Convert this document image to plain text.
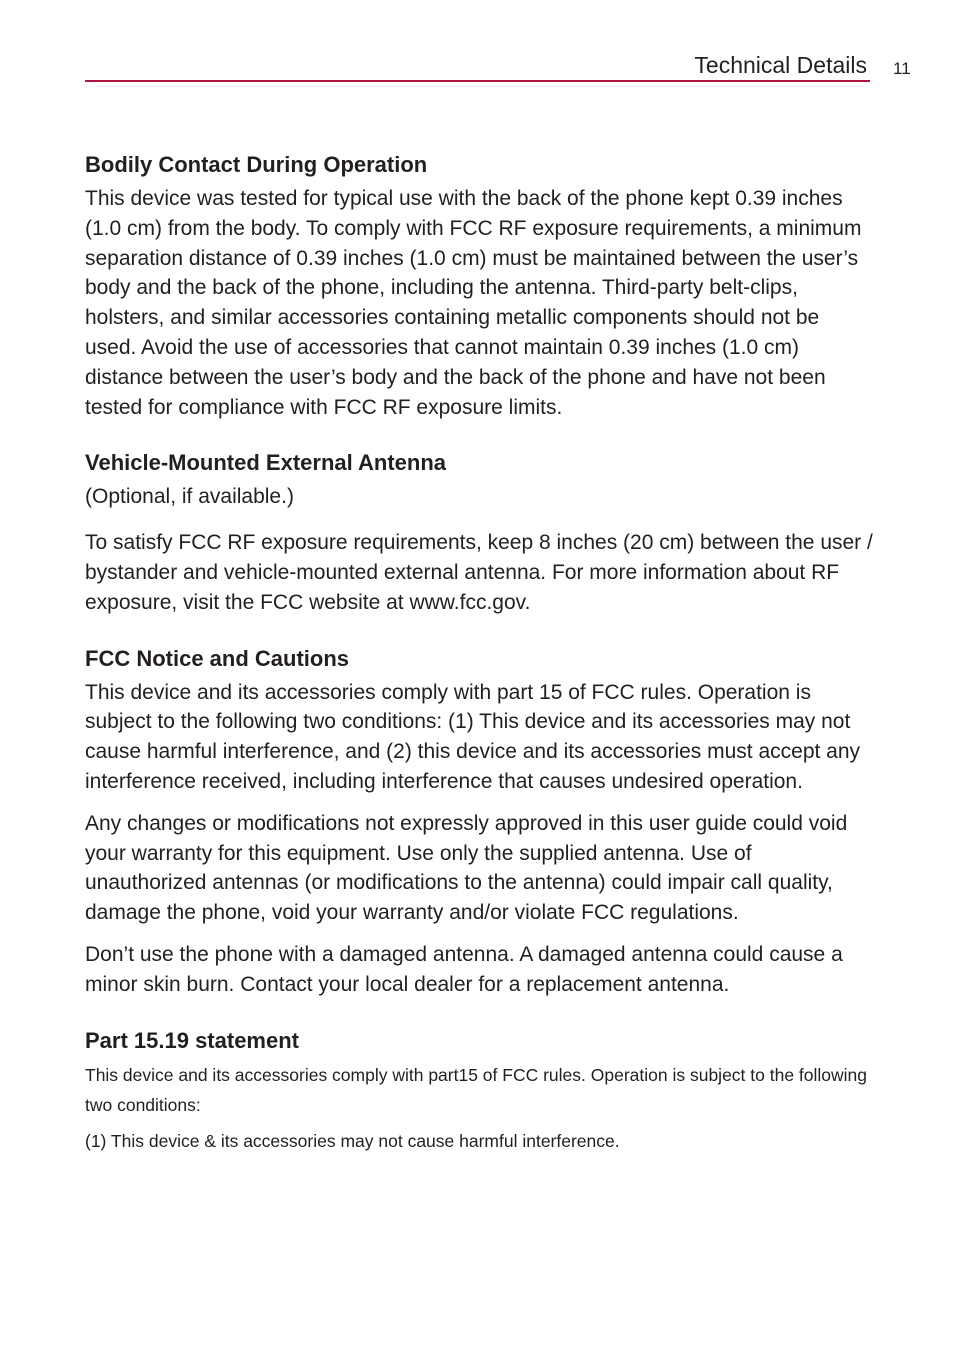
Technical Details 11
Bodily Contact During Operation

This device was tested for typical use with the back of the phone kept 0.39 inches (1.0 cm) from the body. To comply with FCC RF exposure requirements, a minimum separation distance of 0.39 inches (1.0 cm) must be maintained between the user’s body and the back of the phone, including the antenna. Third-party belt-clips, holsters, and similar accessories containing metallic components should not be used. Avoid the use of accessories that cannot maintain 0.39 inches (1.0 cm) distance between the user’s body and the back of the phone and have not been tested for compliance with FCC RF exposure limits.

Vehicle-Mounted External Antenna

(Optional, if available.)

To satisfy FCC RF exposure requirements, keep 8 inches (20 cm) between the user / bystander and vehicle-mounted external antenna. For more information about RF exposure, visit the FCC website at www.fcc.gov.

FCC Notice and Cautions

This device and its accessories comply with part 15 of FCC rules. Operation is subject to the following two conditions: (1) This device and its accessories may not cause harmful interference, and (2) this device and its accessories must accept any interference received, including interference that causes undesired operation.

Any changes or modifications not expressly approved in this user guide could void your warranty for this equipment. Use only the supplied antenna. Use of unauthorized antennas (or modifications to the antenna) could impair call quality, damage the phone, void your warranty and/or violate FCC regulations.

Don’t use the phone with a damaged antenna. A damaged antenna could cause a minor skin burn. Contact your local dealer for a replacement antenna.

Part 15.19 statement

This device and its accessories comply with part15 of FCC rules. Operation is subject to the following two conditions:

(1) This device & its accessories may not cause harmful interference.
